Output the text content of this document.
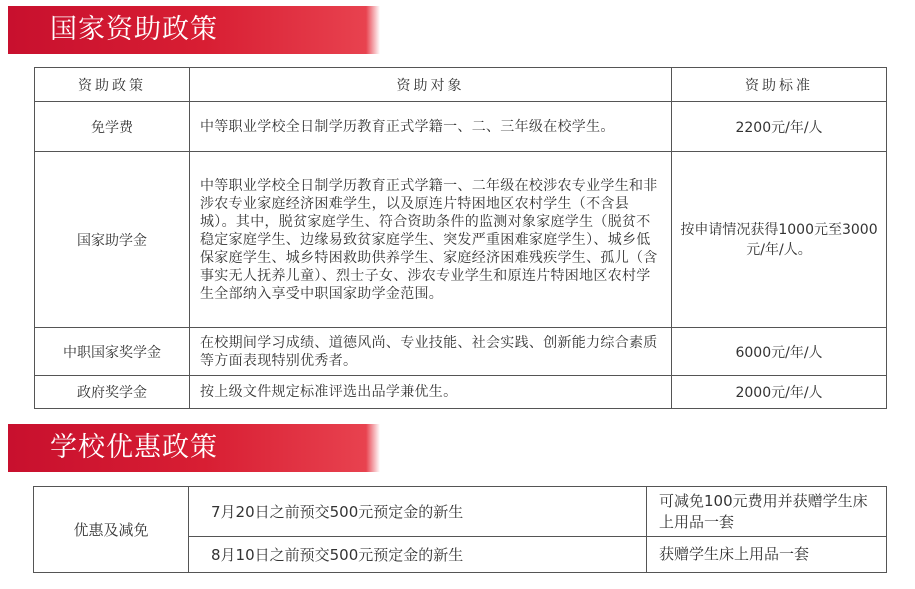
国家资助政策
资助政策	资助对象	资助标准
免学费	中等职业学校全日制学历教育正式学籍一、二、三年级在校学生。	2200元/年/人
国家助学金	中等职业学校全日制学历教育正式学籍一、二年级在校涉农专业学生和非涉农专业家庭经济困难学生，以及原连片特困地区农村学生（不含县城）。其中，脱贫家庭学生、符合资助条件的监测对象家庭学生（脱贫不稳定家庭学生、边缘易致贫家庭学生、突发严重困难家庭学生）、城乡低保家庭学生、城乡特困救助供养学生、家庭经济困难残疾学生、孤儿（含事实无人抚养儿童）、烈士子女、涉农专业学生和原连片特困地区农村学生全部纳入享受中职国家助学金范围。	按申请情况获得1000元至3000元/年/人。
中职国家奖学金	在校期间学习成绩、道德风尚、专业技能、社会实践、创新能力综合素质等方面表现特别优秀者。	6000元/年/人
政府奖学金	按上级文件规定标准评选出品学兼优生。	2000元/年/人
学校优惠政策
优惠及减免	7月20日之前预交500元预定金的新生	可减免100元费用并获赠学生床上用品一套
	8月10日之前预交500元预定金的新生	获赠学生床上用品一套
